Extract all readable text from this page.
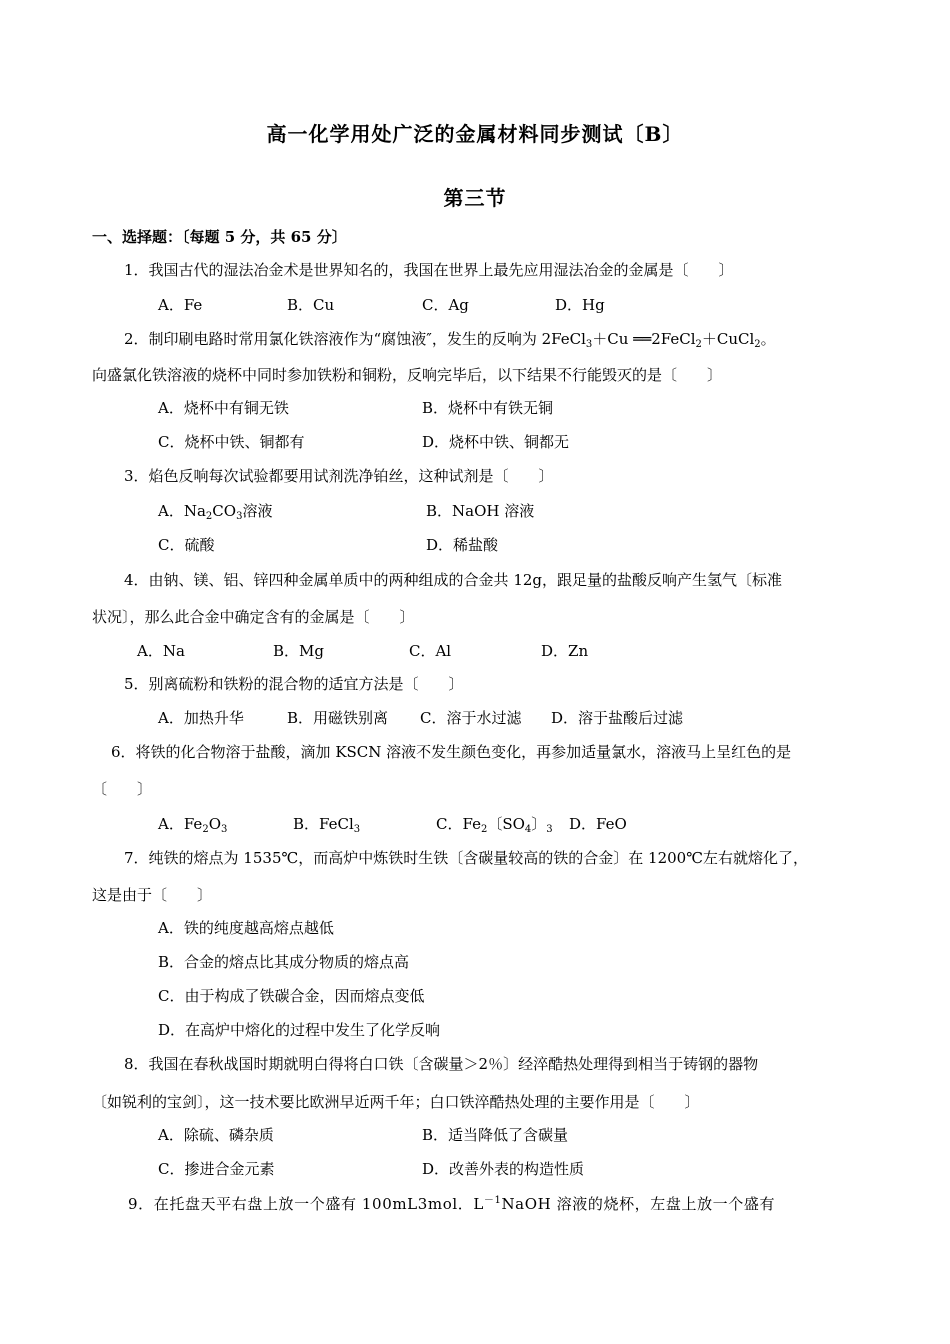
高一化学用处广泛的金属材料同步测试〔B〕
第三节
一、选择题：〔每题 5 分，共 65 分〕
1．我国古代的湿法冶金术是世界知名的，我国在世界上最先应用湿法冶金的金属是〔　　〕
A．Fe	B．Cu	C．Ag	D．Hg
2．制印刷电路时常用氯化铁溶液作为“腐蚀液″，发生的反响为 2FeCl$_3$＋Cu ══2FeCl$_2$＋CuCl$_2$。
向盛氯化铁溶液的烧杯中同时参加铁粉和铜粉，反响完毕后，以下结果不行能毁灭的是〔　　〕
A．烧杯中有铜无铁	B．烧杯中有铁无铜
C．烧杯中铁、铜都有	D．烧杯中铁、铜都无
3．焰色反响每次试验都要用试剂洗净铂丝，这种试剂是〔　　〕
A．$Na_2CO_3$溶液	B．NaOH 溶液
C．硫酸	D．稀盐酸
4．由钠、镁、铝、锌四种金属单质中的两种组成的合金共 12g，跟足量的盐酸反响产生氢气〔标准
状况〕，那么此合金中确定含有的金属是〔　　〕
A．Na	B．Mg	C．Al	D．Zn
5．别离硫粉和铁粉的混合物的适宜方法是〔　　〕
A．加热升华	B．用磁铁别离 C．溶于水过滤 D．溶于盐酸后过滤
6．将铁的化合物溶于盐酸，滴加 KSCN 溶液不发生颜色变化，再参加适量氯水，溶液马上呈红色的是
〔　　〕
A．$Fe_2O_3$	B．FeCl$_3$	C．$Fe_2$〔$SO_4$〕$_3$ D．FeO
7．纯铁的熔点为 1535℃，而高炉中炼铁时生铁〔含碳量较高的铁的合金〕在 1200℃左右就熔化了，
这是由于〔　　〕
A．铁的纯度越高熔点越低
B．合金的熔点比其成分物质的熔点高
C．由于构成了铁碳合金，因而熔点变低
D．在高炉中熔化的过程中发生了化学反响
8．我国在春秋战国时期就明白得将白口铁〔含碳量＞2％〕经淬酷热处理得到相当于铸钢的器物
〔如锐利的宝剑〕，这一技术要比欧洲早近两千年；白口铁淬酷热处理的主要作用是〔　　〕
A．除硫、磷杂质	B．适当降低了含碳量
C．掺进合金元素	D．改善外表的构造性质
9．在托盘天平右盘上放一个盛有 100mL3mol．$L^{-1}NaOH$ 溶液的烧杯，左盘上放一个盛有
